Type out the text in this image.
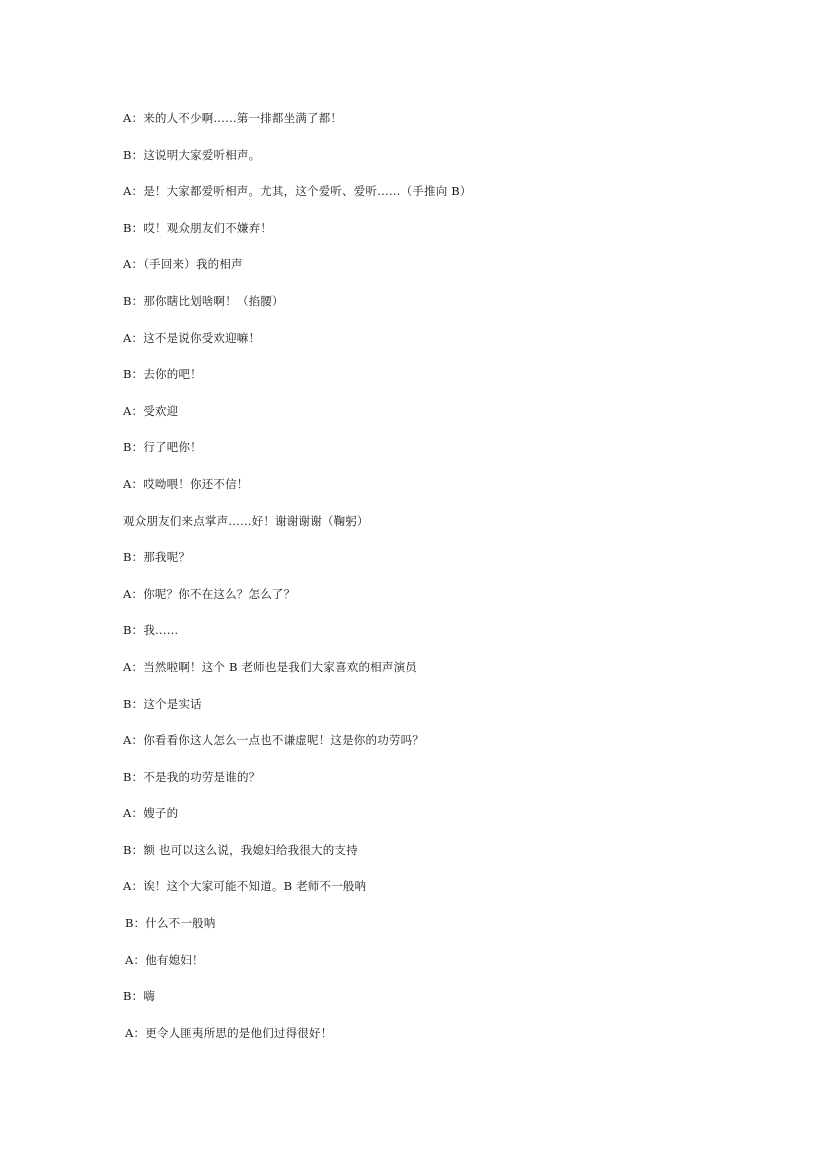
A：来的人不少啊……第一排都坐满了都！
B：这说明大家爱听相声。
A：是！大家都爱听相声。尤其，这个爱听、爱听……（手推向 B）
B：哎！观众朋友们不嫌弃！
A：（手回来）我的相声
B：那你瞎比划啥啊！（掐腰）
A：这不是说你受欢迎嘛！
B：去你的吧！
A：受欢迎
B：行了吧你！
A：哎呦喂！你还不信！
观众朋友们来点掌声……好！谢谢谢谢（鞠躬）
B：那我呢？
A：你呢？你不在这么？怎么了？
B：我……
A：当然啦啊！这个 B 老师也是我们大家喜欢的相声演员
B：这个是实话
A：你看看你这人怎么一点也不谦虚呢！这是你的功劳吗？
B：不是我的功劳是谁的？
A：嫂子的
B：额 也可以这么说，我媳妇给我很大的支持
A：诶！这个大家可能不知道。B 老师不一般呐
B：什么不一般呐
A：他有媳妇！
B：嗨
A：更令人匪夷所思的是他们过得很好！
